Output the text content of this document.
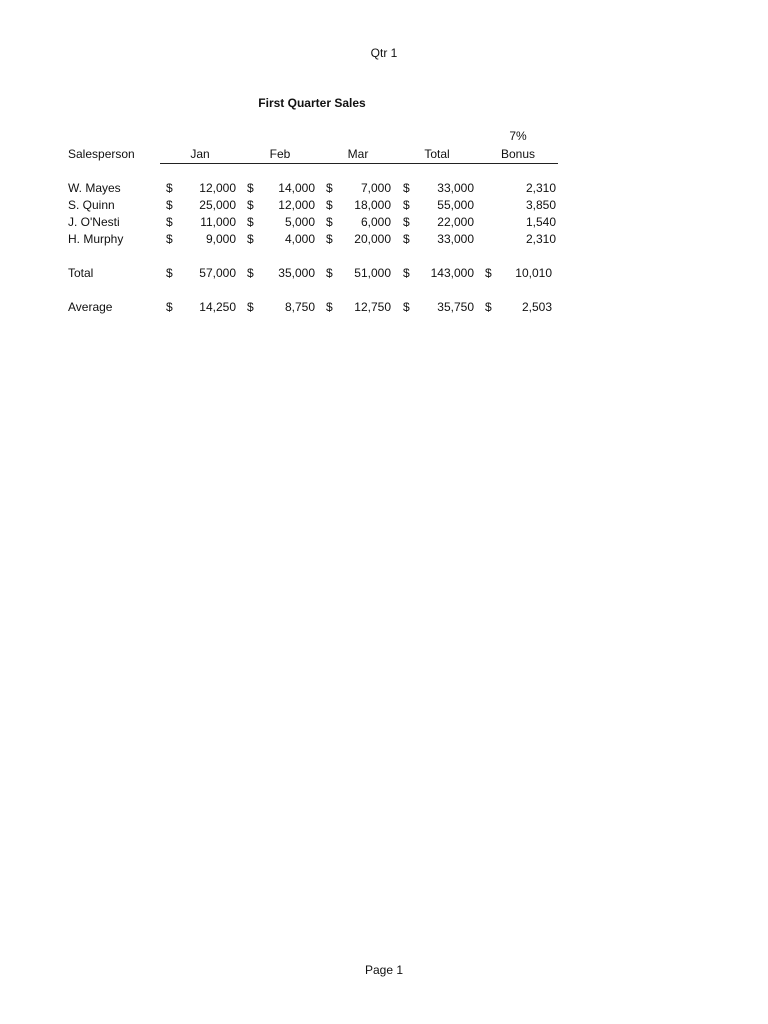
Qtr 1
First Quarter Sales
7%
Salesperson	Jan	Feb	Mar	Total	Bonus
W. Mayes	$	12,000 $	14,000 $	7,000 $	33,000	2,310
S. Quinn	$	25,000 $	12,000 $	18,000 $	55,000	3,850
J. O'Nesti	$	11,000 $	5,000 $	6,000 $	22,000	1,540
H. Murphy	$	9,000 $	4,000 $	20,000 $	33,000	2,310
Total	$	57,000 $	35,000 $	51,000 $	143,000 $	10,010
Average	$	14,250 $	8,750 $	12,750 $	35,750 $	2,503
Page 1
